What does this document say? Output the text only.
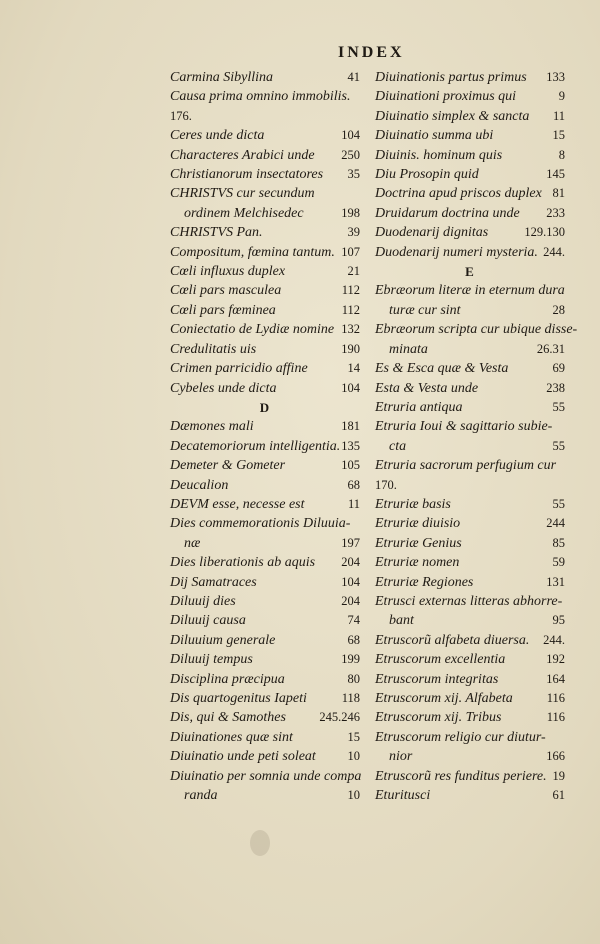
INDEX
Carmina Sibyllina	41
Causa prima omnino immobilis.
176.
Ceres unde dicta	104
Characteres Arabici unde	250
Christianorum insectatores 35
CHRISTVS cur secundum
ordinem Melchisedec	198
CHRISTVS Pan.	39
Compositum, fœmina tantum. 107
Cœli influxus duplex	21
Cœli pars masculea	112
Cœli pars fœminea	112
Coniectatio de Lydiæ nomine 132
Credulitatis uis	190
Crimen parricidio affine	14
Cybeles unde dicta	104
D
Dæmones mali	181
Decatemoriorum intelligentia. 135
Demeter & Gometer	105
Deucalion	68
DEVM esse, necesse est	11
Dies commemorationis Diluuia-
næ	197
Dies liberationis ab aquis	204
Dij Samatraces	104
Diluuij dies	204
Diluuij causa	74
Diluuium generale	68
Diluuij tempus	199
Disciplina præcipua	80
Dis quartogenitus Iapeti	118
Dis, qui & Samothes	245.246
Diuinationes quæ sint	15
Diuinatio unde peti soleat	10
Diuinatio per somnia unde compa
randa	10
Diuinationis partus primus	133
Diuinationi proximus qui	9
Diuinatio simplex & sancta 11
Diuinatio summa ubi	15
Diuinis. hominum quis	8
Diu Prosopin quid	145
Doctrina apud priscos duplex 81
Druidarum doctrina unde	233
Duodenarij dignitas	129.130
Duodenarij numeri mysteria. 244.
E
Ebræorum literæ in eternum dura
turæ cur sint	28
Ebræorum scripta cur ubique disse-
minata	26.31
Es & Esca quæ & Vesta	69
Esta & Vesta unde	238
Etruria antiqua	55
Etruria Ioui & sagittario subie-
cta	55
Etruria sacrorum perfugium cur
170.
Etruriæ basis	55
Etruriæ diuisio	244
Etruriæ Genius	85
Etruriæ nomen	59
Etruriæ Regiones	131
Etrusci externas litteras abhorre-
bant	95
Etruscorũ alfabeta diuersa. 244.
Etruscorum excellentia	192
Etruscorum integritas	164
Etruscorum xij. Alfabeta	116
Etruscorum xij. Tribus	116
Etruscorum religio cur diutur-
nior	166
Etruscorũ res funditus periere. 19
Eturitusci	61
